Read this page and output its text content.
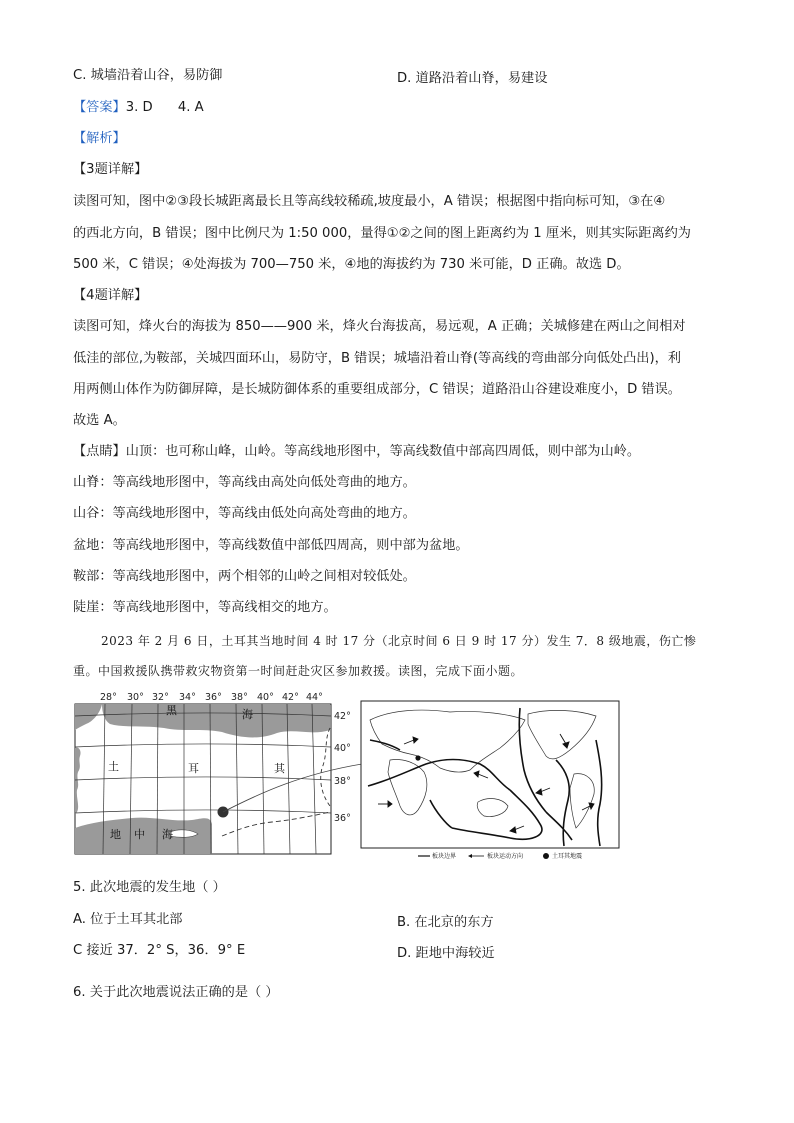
C. 城墙沿着山谷，易防御	D. 道路沿着山脊，易建设
【答案】3. D      4. A
【解析】
【3题详解】
读图可知，图中②③段长城距离最长且等高线较稀疏,坡度最小，A 错误；根据图中指向标可知，③在④
的西北方向，B 错误；图中比例尺为 1:50 000，量得①②之间的图上距离约为 1 厘米，则其实际距离约为
500 米，C 错误；④处海拔为 700—750 米，④地的海拔约为 730 米可能，D 正确。故选 D。
【4题详解】
读图可知，烽火台的海拔为 850——900 米，烽火台海拔高，易远观，A 正确；关城修建在两山之间相对
低洼的部位,为鞍部，关城四面环山，易防守，B 错误；城墙沿着山脊(等高线的弯曲部分向低处凸出)，利
用两侧山体作为防御屏障，是长城防御体系的重要组成部分，C 错误；道路沿山谷建设难度小，D 错误。
故选 A。
【点睛】山顶：也可称山峰，山岭。等高线地形图中，等高线数值中部高四周低，则中部为山岭。
山脊：等高线地形图中，等高线由高处向低处弯曲的地方。
山谷：等高线地形图中，等高线由低处向高处弯曲的地方。
盆地：等高线地形图中，等高线数值中部低四周高，则中部为盆地。
鞍部：等高线地形图中，两个相邻的山岭之间相对较低处。
陡崖：等高线地形图中，等高线相交的地方。
2023 年 2 月 6 日，土耳其当地时间 4 时 17 分（北京时间 6 日 9 时 17 分）发生 7．8 级地震，伤亡惨
重。中国救援队携带救灾物资第一时间赶赴灾区参加救援。读图，完成下面小题。
28° 30° 32° 34° 36° 38° 40° 42° 44°
42°
40°
38°
36°
黑	海
土	耳	其
地 中 海
板块边界	板块运动方向	土耳其地震
5. 此次地震的发生地（ ）
A. 位于土耳其北部	B. 在北京的东方
C 接近 37．2° S，36．9° E	D. 距地中海较近
6. 关于此次地震说法正确的是（ ）
